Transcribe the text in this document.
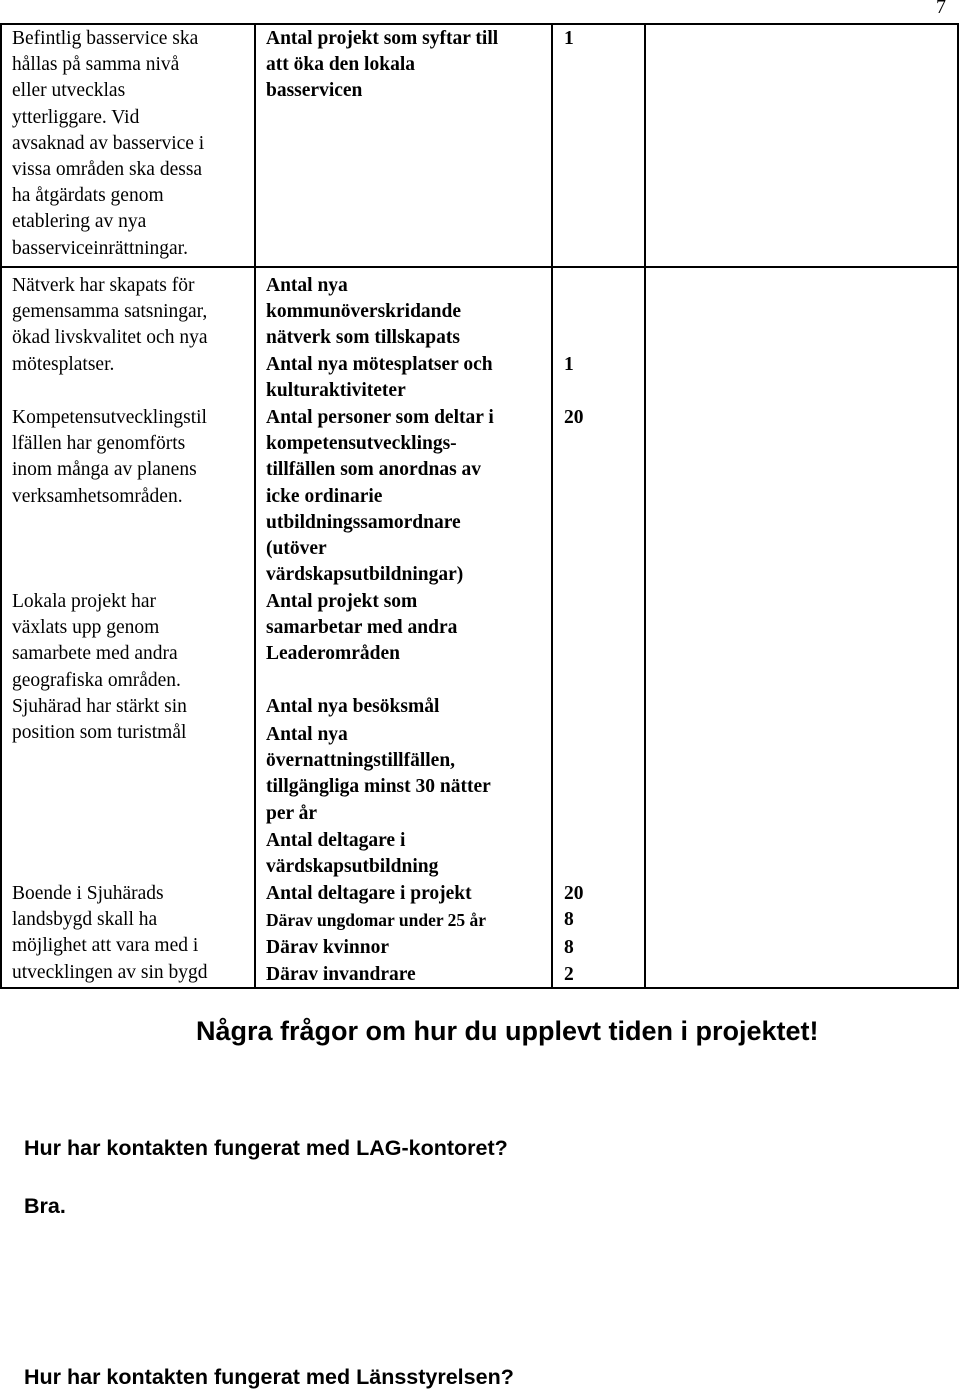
7
Befintlig basservice ska
hållas på samma nivå
eller utvecklas
ytterliggare. Vid
avsaknad av basservice i
vissa områden ska dessa
ha åtgärdats genom
etablering av nya
basserviceinrättningar.
Nätverk har skapats för
gemensamma satsningar,
ökad livskvalitet och nya
mötesplatser.
Kompetensutvecklingstil
lfällen har genomförts
inom många av planens
verksamhetsområden.
Lokala projekt har
växlats upp genom
samarbete med andra
geografiska områden.
Sjuhärad har stärkt sin
position som turistmål
Boende i Sjuhärads
landsbygd skall ha
möjlighet att vara med i
utvecklingen av sin bygd
Antal projekt som syftar till
att öka den lokala
basservicen
Antal nya
kommunöverskridande
nätverk som tillskapats
Antal nya mötesplatser och
kulturaktiviteter
Antal personer som deltar i
kompetensutvecklings-
tillfällen som anordnas av
icke ordinarie
utbildningssamordnare
(utöver
värdskapsutbildningar)
Antal projekt som
samarbetar med andra
Leaderområden
Antal nya besöksmål
Antal nya
övernattningstillfällen,
tillgängliga minst 30 nätter
per år
Antal deltagare i
värdskapsutbildning
Antal deltagare i projekt
Därav ungdomar under 25 år
Därav kvinnor
Därav invandrare
1
1
20
20
8
8
2
Några frågor om hur du upplevt tiden i projektet!
Hur har kontakten fungerat med LAG-kontoret?
Bra.
Hur har kontakten fungerat med Länsstyrelsen?
